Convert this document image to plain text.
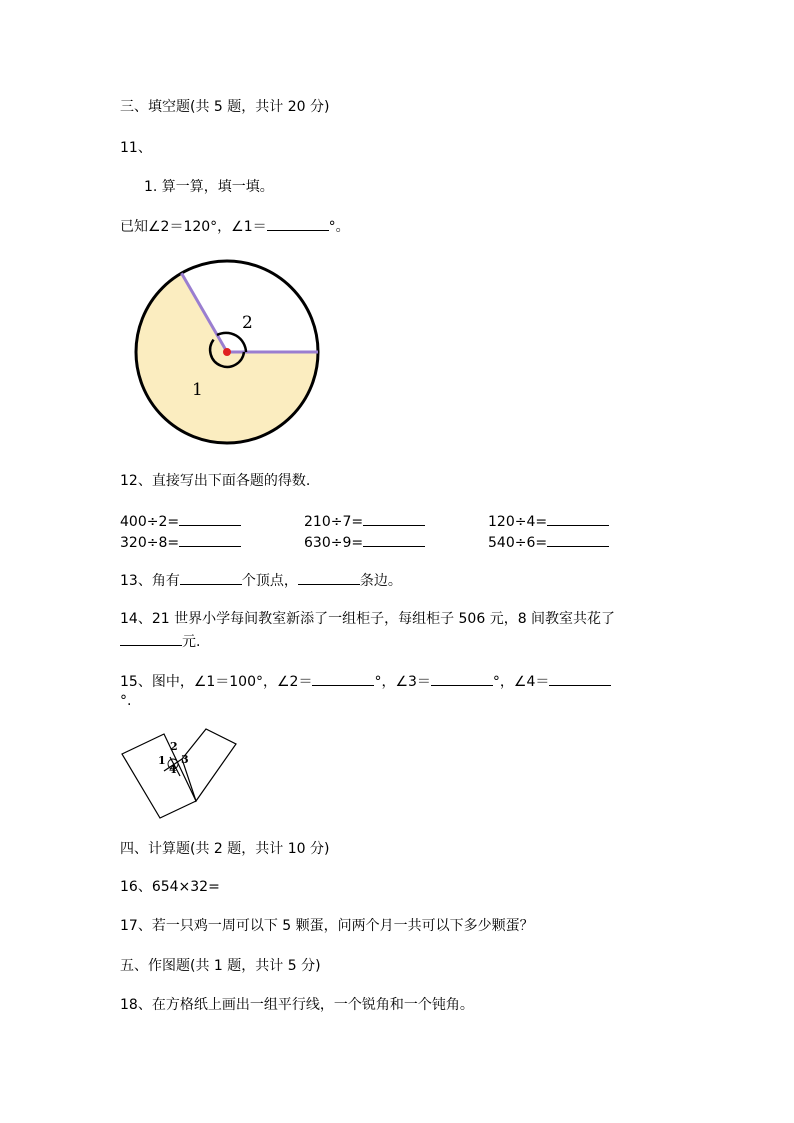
三、填空题(共 5 题，共计 20 分)
11、
1. 算一算，填一填。
已知∠2＝120°，∠1＝	°。
2
1
12、直接写出下面各题的得数.
400÷2=	210÷7=	120÷4=
320÷8=	630÷9=	540÷6=
13、角有	个顶点，	条边。
14、21 世界小学每间教室新添了一组柜子，每组柜子 506 元，8 间教室共花了
元.
15、图中，∠1＝100°，∠2＝	°，∠3＝	°，∠4＝
°.
1
2
3
4
四、计算题(共 2 题，共计 10 分)
16、654×32=
17、若一只鸡一周可以下 5 颗蛋，问两个月一共可以下多少颗蛋？
五、作图题(共 1 题，共计 5 分)
18、在方格纸上画出一组平行线，一个锐角和一个钝角。
